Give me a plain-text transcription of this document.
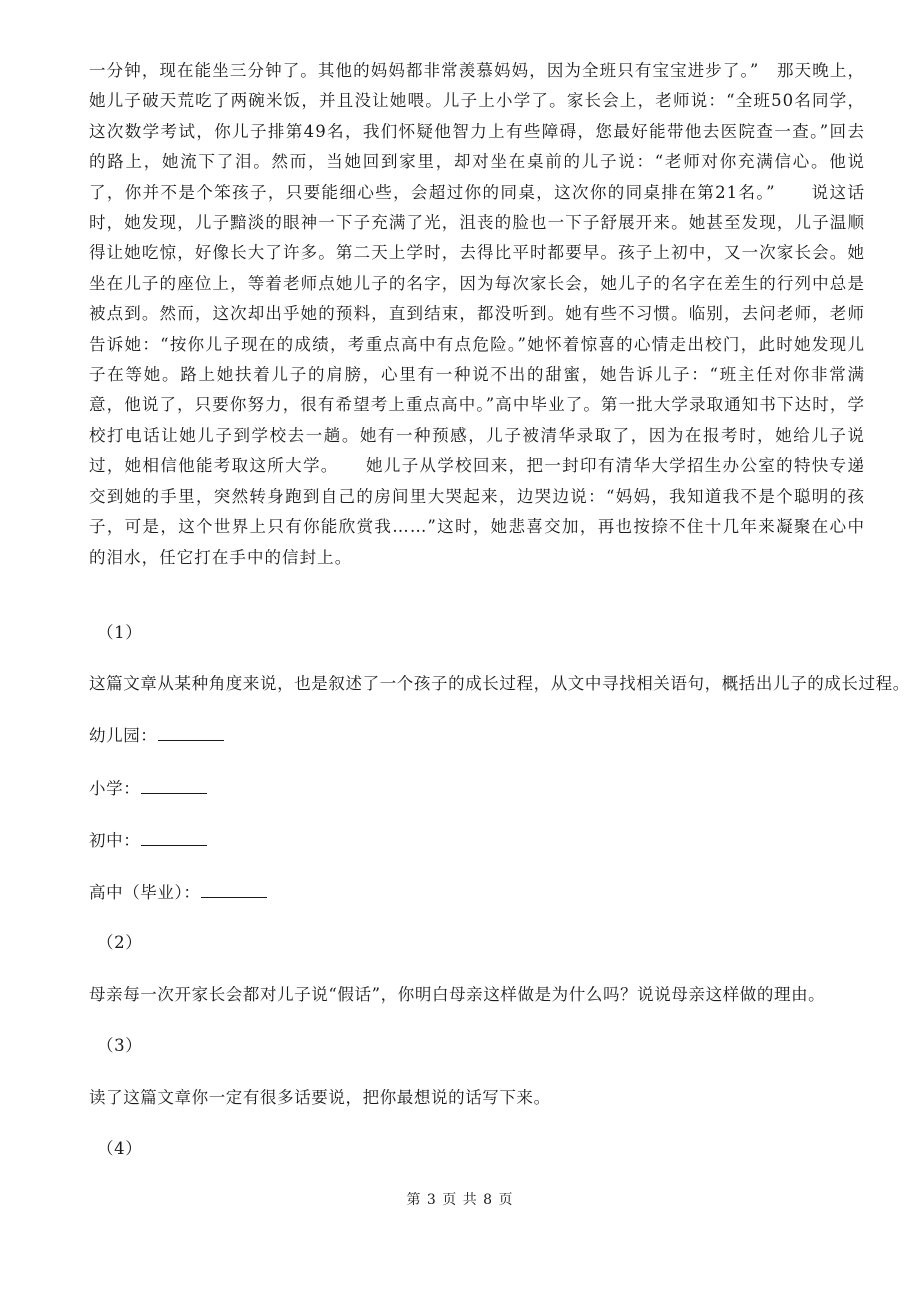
一分钟，现在能坐三分钟了。其他的妈妈都非常羡慕妈妈，因为全班只有宝宝进步了。”　那天晚上，她儿子破天荒吃了两碗米饭，并且没让她喂。儿子上小学了。家长会上，老师说：“全班50名同学，这次数学考试，你儿子排第49名，我们怀疑他智力上有些障碍，您最好能带他去医院查一查。”回去的路上，她流下了泪。然而，当她回到家里，却对坐在桌前的儿子说：“老师对你充满信心。他说了，你并不是个笨孩子，只要能细心些，会超过你的同桌，这次你的同桌排在第21名。”　　说这话时，她发现，儿子黯淡的眼神一下子充满了光，沮丧的脸也一下子舒展开来。她甚至发现，儿子温顺得让她吃惊，好像长大了许多。第二天上学时，去得比平时都要早。孩子上初中，又一次家长会。她坐在儿子的座位上，等着老师点她儿子的名字，因为每次家长会，她儿子的名字在差生的行列中总是被点到。然而，这次却出乎她的预料，直到结束，都没听到。她有些不习惯。临别，去问老师，老师告诉她：“按你儿子现在的成绩，考重点高中有点危险。”她怀着惊喜的心情走出校门，此时她发现儿子在等她。路上她扶着儿子的肩膀，心里有一种说不出的甜蜜，她告诉儿子：“班主任对你非常满意，他说了，只要你努力，很有希望考上重点高中。”高中毕业了。第一批大学录取通知书下达时，学校打电话让她儿子到学校去一趟。她有一种预感，儿子被清华录取了，因为在报考时，她给儿子说过，她相信他能考取这所大学。　　她儿子从学校回来，把一封印有清华大学招生办公室的特快专递交到她的手里，突然转身跑到自己的房间里大哭起来，边哭边说：“妈妈，我知道我不是个聪明的孩子，可是，这个世界上只有你能欣赏我……”这时，她悲喜交加，再也按捺不住十几年来凝聚在心中的泪水，任它打在手中的信封上。

（1）
这篇文章从某种角度来说，也是叙述了一个孩子的成长过程，从文中寻找相关语句，概括出儿子的成长过程。
幼儿园：
小学：
初中：
高中（毕业）：
（2）
母亲每一次开家长会都对儿子说“假话”，你明白母亲这样做是为什么吗？说说母亲这样做的理由。
（3）
读了这篇文章你一定有很多话要说，把你最想说的话写下来。
（4）
第 3 页 共 8 页
